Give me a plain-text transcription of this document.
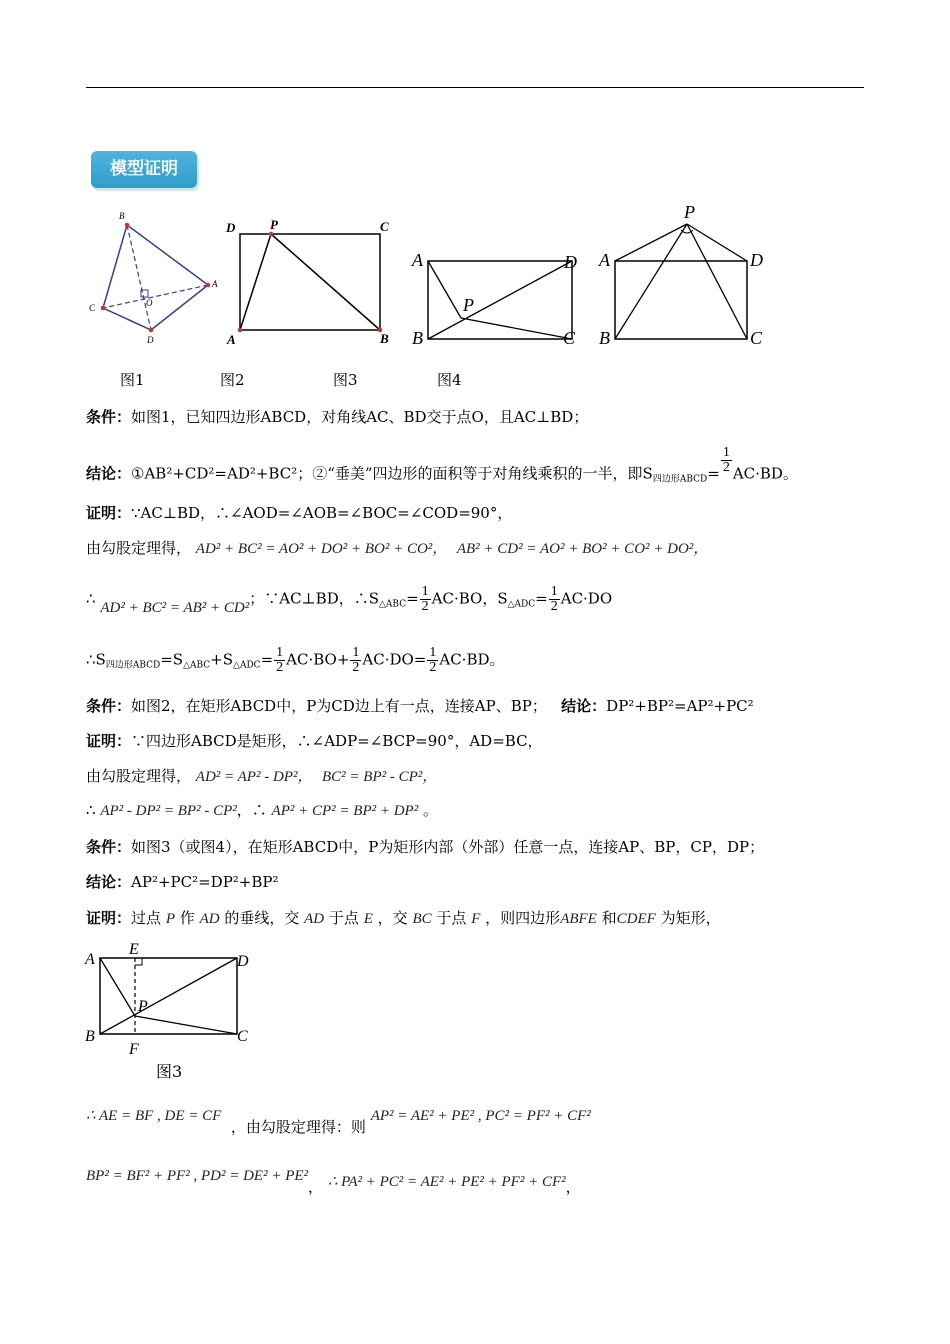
模型证明
B
A
C
D
O
D	P	C
A	B
A	D
P
B	C
P
A	D
B	C
图1	图2	图3	图4
条件：如图1，已知四边形ABCD，对角线AC、BD交于点O，且AC⊥BD；
结论：①AB²+CD²=AD²+BC²；②“垂美”四边形的面积等于对角线乘积的一半，即$S_{四边形ABCD}= \frac{1}{2} AC\cdot BD$。
证明：∵AC⊥BD，∴∠AOD=∠AOB=∠BOC=∠COD=90°，
由勾股定理得， AD² + BC² = AO² + DO² + BO² + CO²， AB² + CD² = AO² + BO² + CO² + DO²，
∴ AD² + BC² = AB² + CD²；∵AC⊥BD，$\therefore S_{\triangle ABC}= \frac{1}{2} AC\cdot BO$，$S_{\triangle ADC}= \frac{1}{2} AC\cdot DO$
$\therefore S_{四边形ABCD}=S_{\triangle ABC}+S_{\triangle ADC}= \frac{1}{2} AC\cdot BO+ \frac{1}{2} AC\cdot DO= \frac{1}{2} AC\cdot BD$。
条件：如图2，在矩形ABCD中，P为CD边上有一点，连接AP、BP； 结论：DP²+BP²=AP²+PC²
证明：∵四边形ABCD是矩形，∴∠ADP=∠BCP=90°，AD=BC，
由勾股定理得， AD² = AP² - DP²， BC² = BP² - CP²，
∴ AP² - DP² = BP² - CP²，∴ AP² + CP² = BP² + DP² 。
条件：如图3（或图4），在矩形ABCD中，P为矩形内部（外部）任意一点，连接AP、BP，CP，DP；
结论：AP²+PC²=DP²+BP²
证明：过点 P 作 AD 的垂线，交 AD 于点 E ，交 BC 于点 F ，则四边形ABFE 和CDEF 为矩形，
E
A	D
P
B	C
F
图3
∴ AE = BF , DE = CF  ，由勾股定理得：则 AP² = AE² + PE² , PC² = PF² + CF²
BP² = BF² + PF² , PD² = DE² + PE²， ∴ PA² + PC² = AE² + PE² + PF² + CF²，
